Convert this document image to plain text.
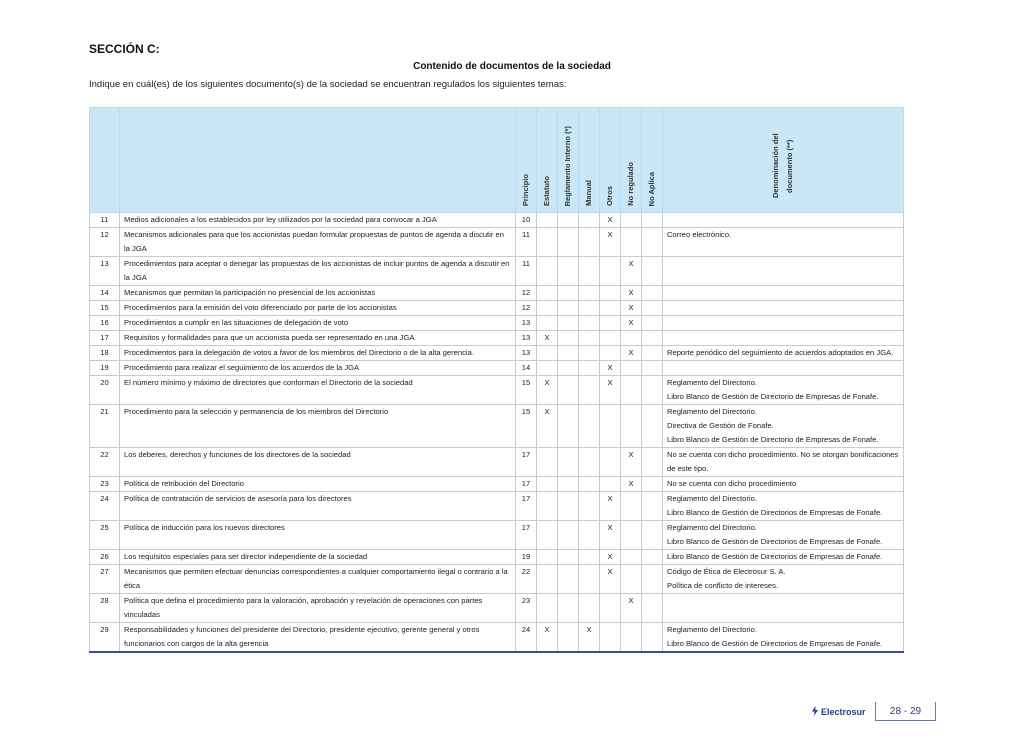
SECCIÓN C:
Contenido de documentos de la sociedad
Indique en cuál(es) de los siguientes documento(s) de la sociedad se encuentran regulados los siguientes temas:

		Principio	Estatuto	Reglamento Interno (*)	Manual	Otros	No regulado	No Aplica	Denominación del documento (**)

11	Medios adicionales a los establecidos por ley utilizados por la sociedad para convocar a JGA	10				X			
12	Mecanismos adicionales para que los accionistas puedan formular propuestas de puntos de agenda a discutir en la JGA	11				X			Correo electrónico.
13	Procedimientos para aceptar o denegar las propuestas de los accionistas de incluir puntos de agenda a discutir en la JGA	11					X		
14	Mecanismos que permitan la participación no presencial de los accionistas	12					X		
15	Procedimientos para la emisión del voto diferenciado por parte de los accionistas	12					X		
16	Procedimientos a cumplir en las situaciones de delegación de voto	13					X		
17	Requisitos y formalidades para que un accionista pueda ser representado en una JGA	13	X						
18	Procedimientos para la delegación de votos a favor de los miembros del Directorio o de la alta gerencia.	13					X		Reporte periódico del seguimiento de acuerdos adoptados en JGA.
19	Procedimiento para realizar el seguimiento de los acuerdos de la JGA	14				X			
20	El número mínimo y máximo de directores que conforman el Directorio de la sociedad	15	X			X			Reglamento del Directorio.
Libro Blanco de Gestión de Directorio de Empresas de Fonafe.
21	Procedimiento para la selección y permanencia de los miembros del Directorio	15	X						Reglamento del Directorio.
Directiva de Gestión de Fonafe.
Libro Blanco de Gestión de Directorio de Empresas de Fonafe.
22	Los deberes, derechos y funciones de los directores de la sociedad	17					X		No se cuenta con dicho procedimiento. No se otorgan bonificaciones de este tipo.
23	Política de retribución del Directorio	17					X		No se cuenta con dicho procedimiento
24	Política de contratación de servicios de asesoría para los directores	17				X			Reglamento del Directorio.
Libro Blanco de Gestión de Directorios de Empresas de Fonafe.
25	Política de inducción para los nuevos directores	17				X			Reglamento del Directorio.
Libro Blanco de Gestión de Directorios de Empresas de Fonafe.
26	Los requisitos especiales para ser director independiente de la sociedad	19				X			Libro Blanco de Gestión de Directorios de Empresas de Fonafe.
27	Mecanismos que permiten efectuar denuncias correspondientes a cualquier comportamiento ilegal o contrario a la ética	22				X			Código de Ética de Electrosur S. A.
Política de conflicto de intereses.
28	Política que defina el procedimiento para la valoración, aprobación y revelación de operaciones con partes vinculadas	23					X		
29	Responsabilidades y funciones del presidente del Directorio, presidente ejecutivo, gerente general y otros funcionarios con cargos de la alta gerencia	24	X		X				Reglamento del Directorio.
Libro Blanco de Gestión de Directorios de Empresas de Fonafe.
Electrosur	28 - 29
